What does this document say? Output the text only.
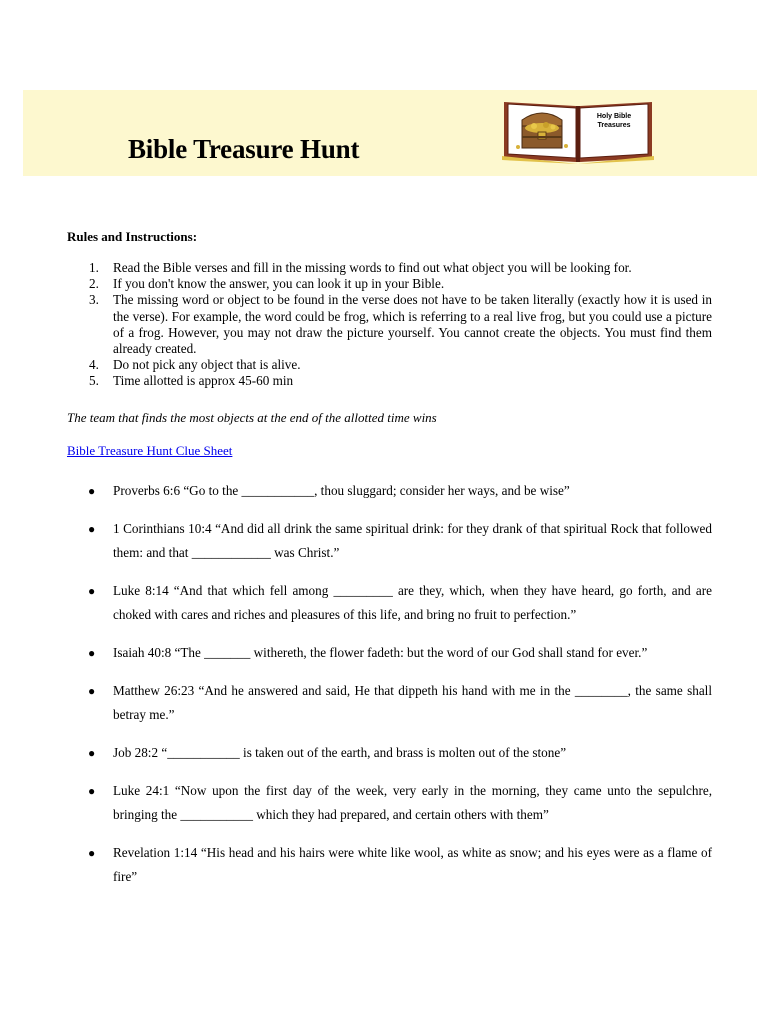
Bible Treasure Hunt
Holy Bible
Treasures
Rules and Instructions:
1. Read the Bible verses and fill in the missing words to find out what object you will be looking for.
2. If you don't know the answer, you can look it up in your Bible.
3. The missing word or object to be found in the verse does not have to be taken literally (exactly how it is used in the verse). For example, the word could be frog, which is referring to a real live frog, but you could use a picture of a frog. However, you may not draw the picture yourself. You cannot create the objects. You must find them already created.
4. Do not pick any object that is alive.
5. Time allotted is approx 45-60 min
The team that finds the most objects at the end of the allotted time wins
Bible Treasure Hunt Clue Sheet
● Proverbs 6:6 “Go to the ___________, thou sluggard; consider her ways, and be wise”
● 1 Corinthians 10:4 “And did all drink the same spiritual drink: for they drank of that spiritual Rock that followed them: and that ____________ was Christ.”
● Luke 8:14 “And that which fell among _________ are they, which, when they have heard, go forth, and are choked with cares and riches and pleasures of this life, and bring no fruit to perfection.”
● Isaiah 40:8 “The _______ withereth, the flower fadeth: but the word of our God shall stand for ever.”
● Matthew 26:23 “And he answered and said, He that dippeth his hand with me in the ________, the same shall betray me.”
● Job 28:2 “___________ is taken out of the earth, and brass is molten out of the stone”
● Luke 24:1 “Now upon the first day of the week, very early in the morning, they came unto the sepulchre, bringing the ___________ which they had prepared, and certain others with them”
● Revelation 1:14 “His head and his hairs were white like wool, as white as snow; and his eyes were as a flame of fire”
